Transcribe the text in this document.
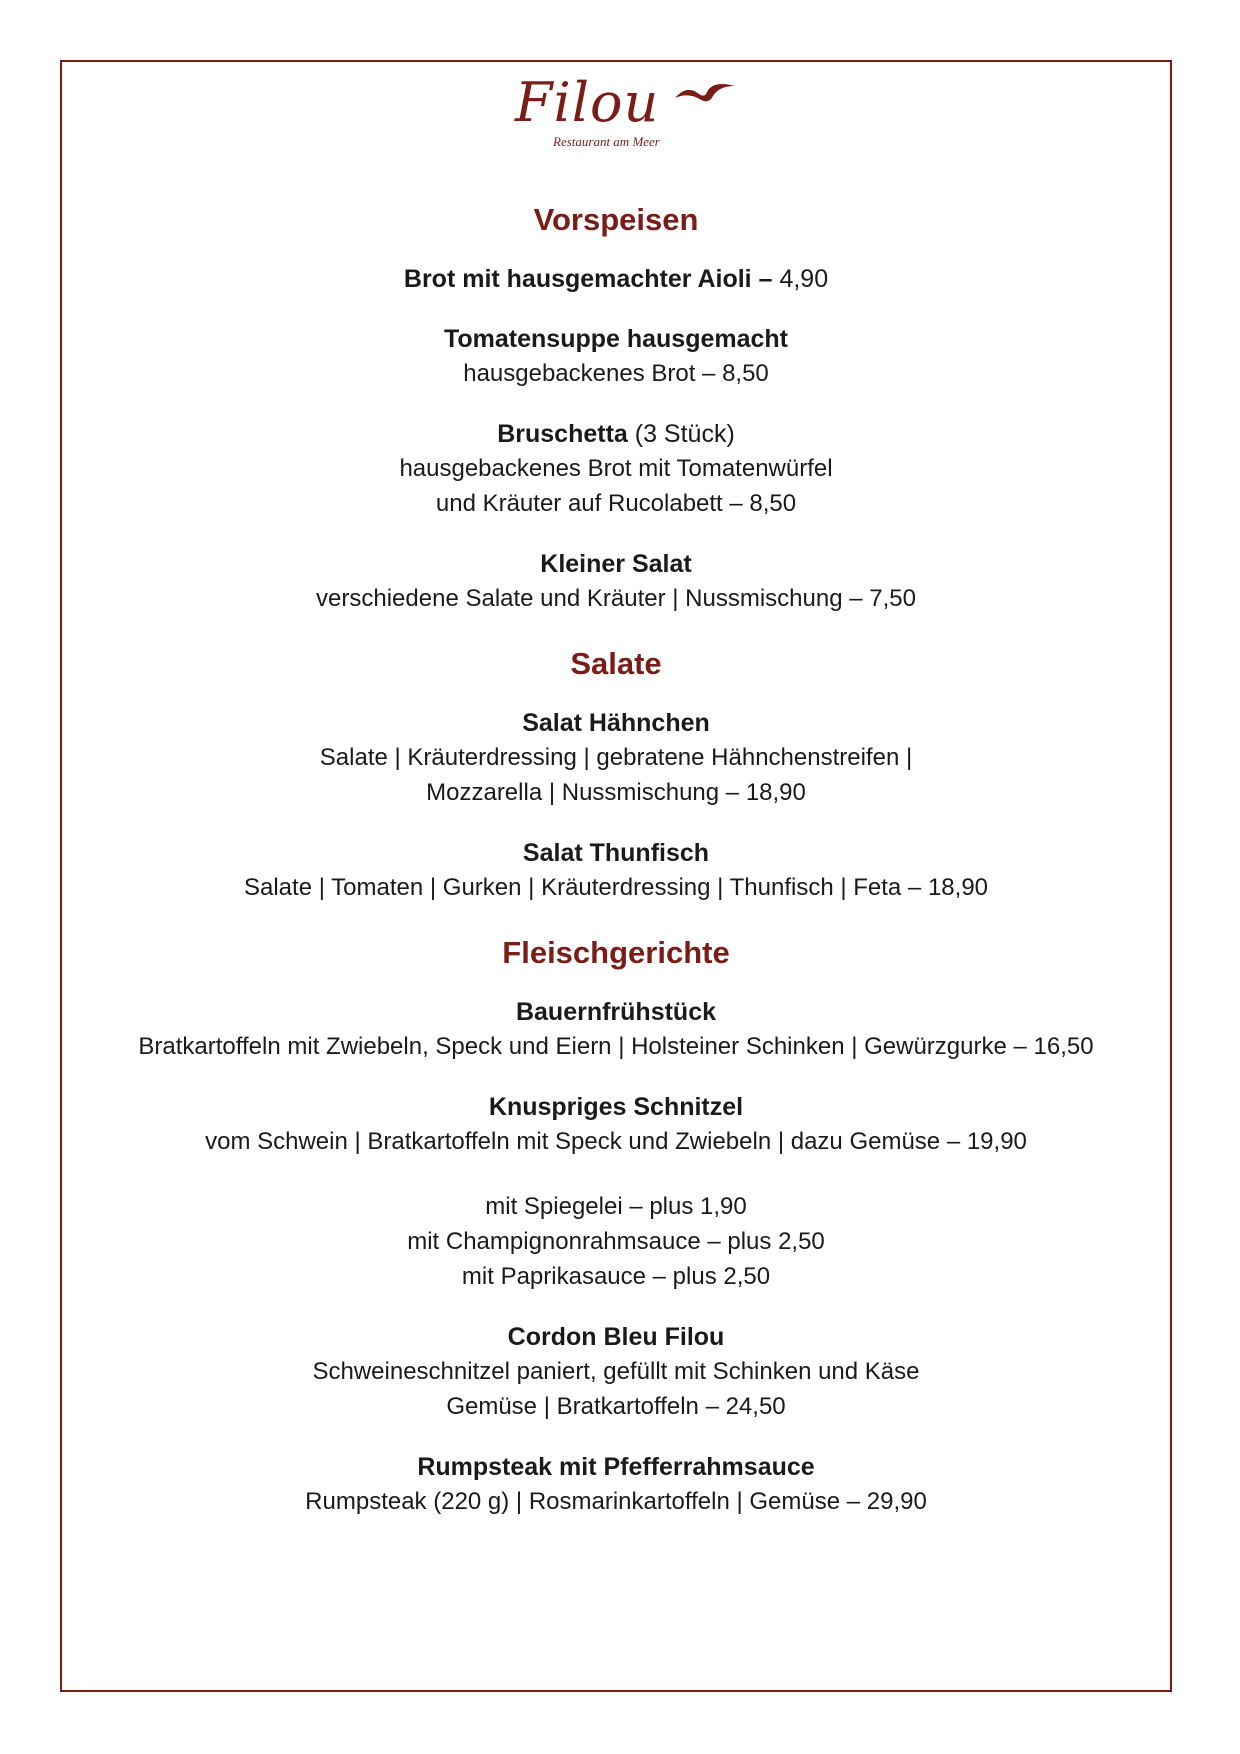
Filou
Restaurant am Meer
Vorspeisen
Brot mit hausgemachter Aioli – 4,90
Tomatensuppe hausgemacht
hausgebackenes Brot – 8,50
Bruschetta (3 Stück)
hausgebackenes Brot mit Tomatenwürfel
und Kräuter auf Rucolabett – 8,50
Kleiner Salat
verschiedene Salate und Kräuter | Nussmischung – 7,50
Salate
Salat Hähnchen
Salate | Kräuterdressing | gebratene Hähnchenstreifen |
Mozzarella | Nussmischung – 18,90
Salat Thunfisch
Salate | Tomaten | Gurken | Kräuterdressing | Thunfisch | Feta – 18,90
Fleischgerichte
Bauernfrühstück
Bratkartoffeln mit Zwiebeln, Speck und Eiern | Holsteiner Schinken | Gewürzgurke – 16,50
Knuspriges Schnitzel
vom Schwein | Bratkartoffeln mit Speck und Zwiebeln | dazu Gemüse – 19,90
mit Spiegelei – plus 1,90
mit Champignonrahmsauce – plus 2,50
mit Paprikasauce – plus 2,50
Cordon Bleu Filou
Schweineschnitzel paniert, gefüllt mit Schinken und Käse
Gemüse | Bratkartoffeln – 24,50
Rumpsteak mit Pfefferrahmsauce
Rumpsteak (220 g) | Rosmarinkartoffeln | Gemüse – 29,90
